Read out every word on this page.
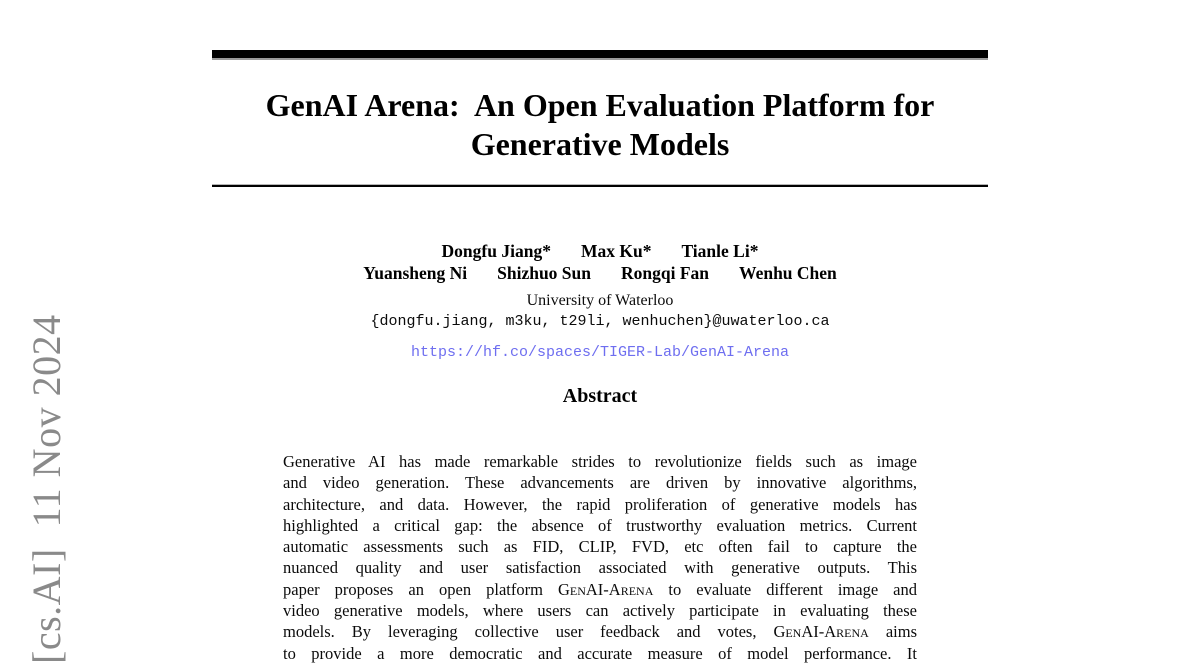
[cs.AI]  11 Nov 2024
GenAI Arena:  An Open Evaluation Platform for
Generative Models
Dongfu Jiang* Max Ku* Tianle Li*
Yuansheng Ni Shizhuo Sun Rongqi Fan Wenhu Chen
University of Waterloo
{dongfu.jiang, m3ku, t29li, wenhuchen}@uwaterloo.ca
https://hf.co/spaces/TIGER-Lab/GenAI-Arena
Abstract
Generative AI has made remarkable strides to revolutionize fields such as image
and video generation. These advancements are driven by innovative algorithms,
architecture, and data. However, the rapid proliferation of generative models has
highlighted a critical gap: the absence of trustworthy evaluation metrics. Current
automatic assessments such as FID, CLIP, FVD, etc often fail to capture the
nuanced quality and user satisfaction associated with generative outputs. This
paper proposes an open platform GenAI-Arena to evaluate different image and
video generative models, where users can actively participate in evaluating these
models. By leveraging collective user feedback and votes, GenAI-Arena aims
to provide a more democratic and accurate measure of model performance. It
